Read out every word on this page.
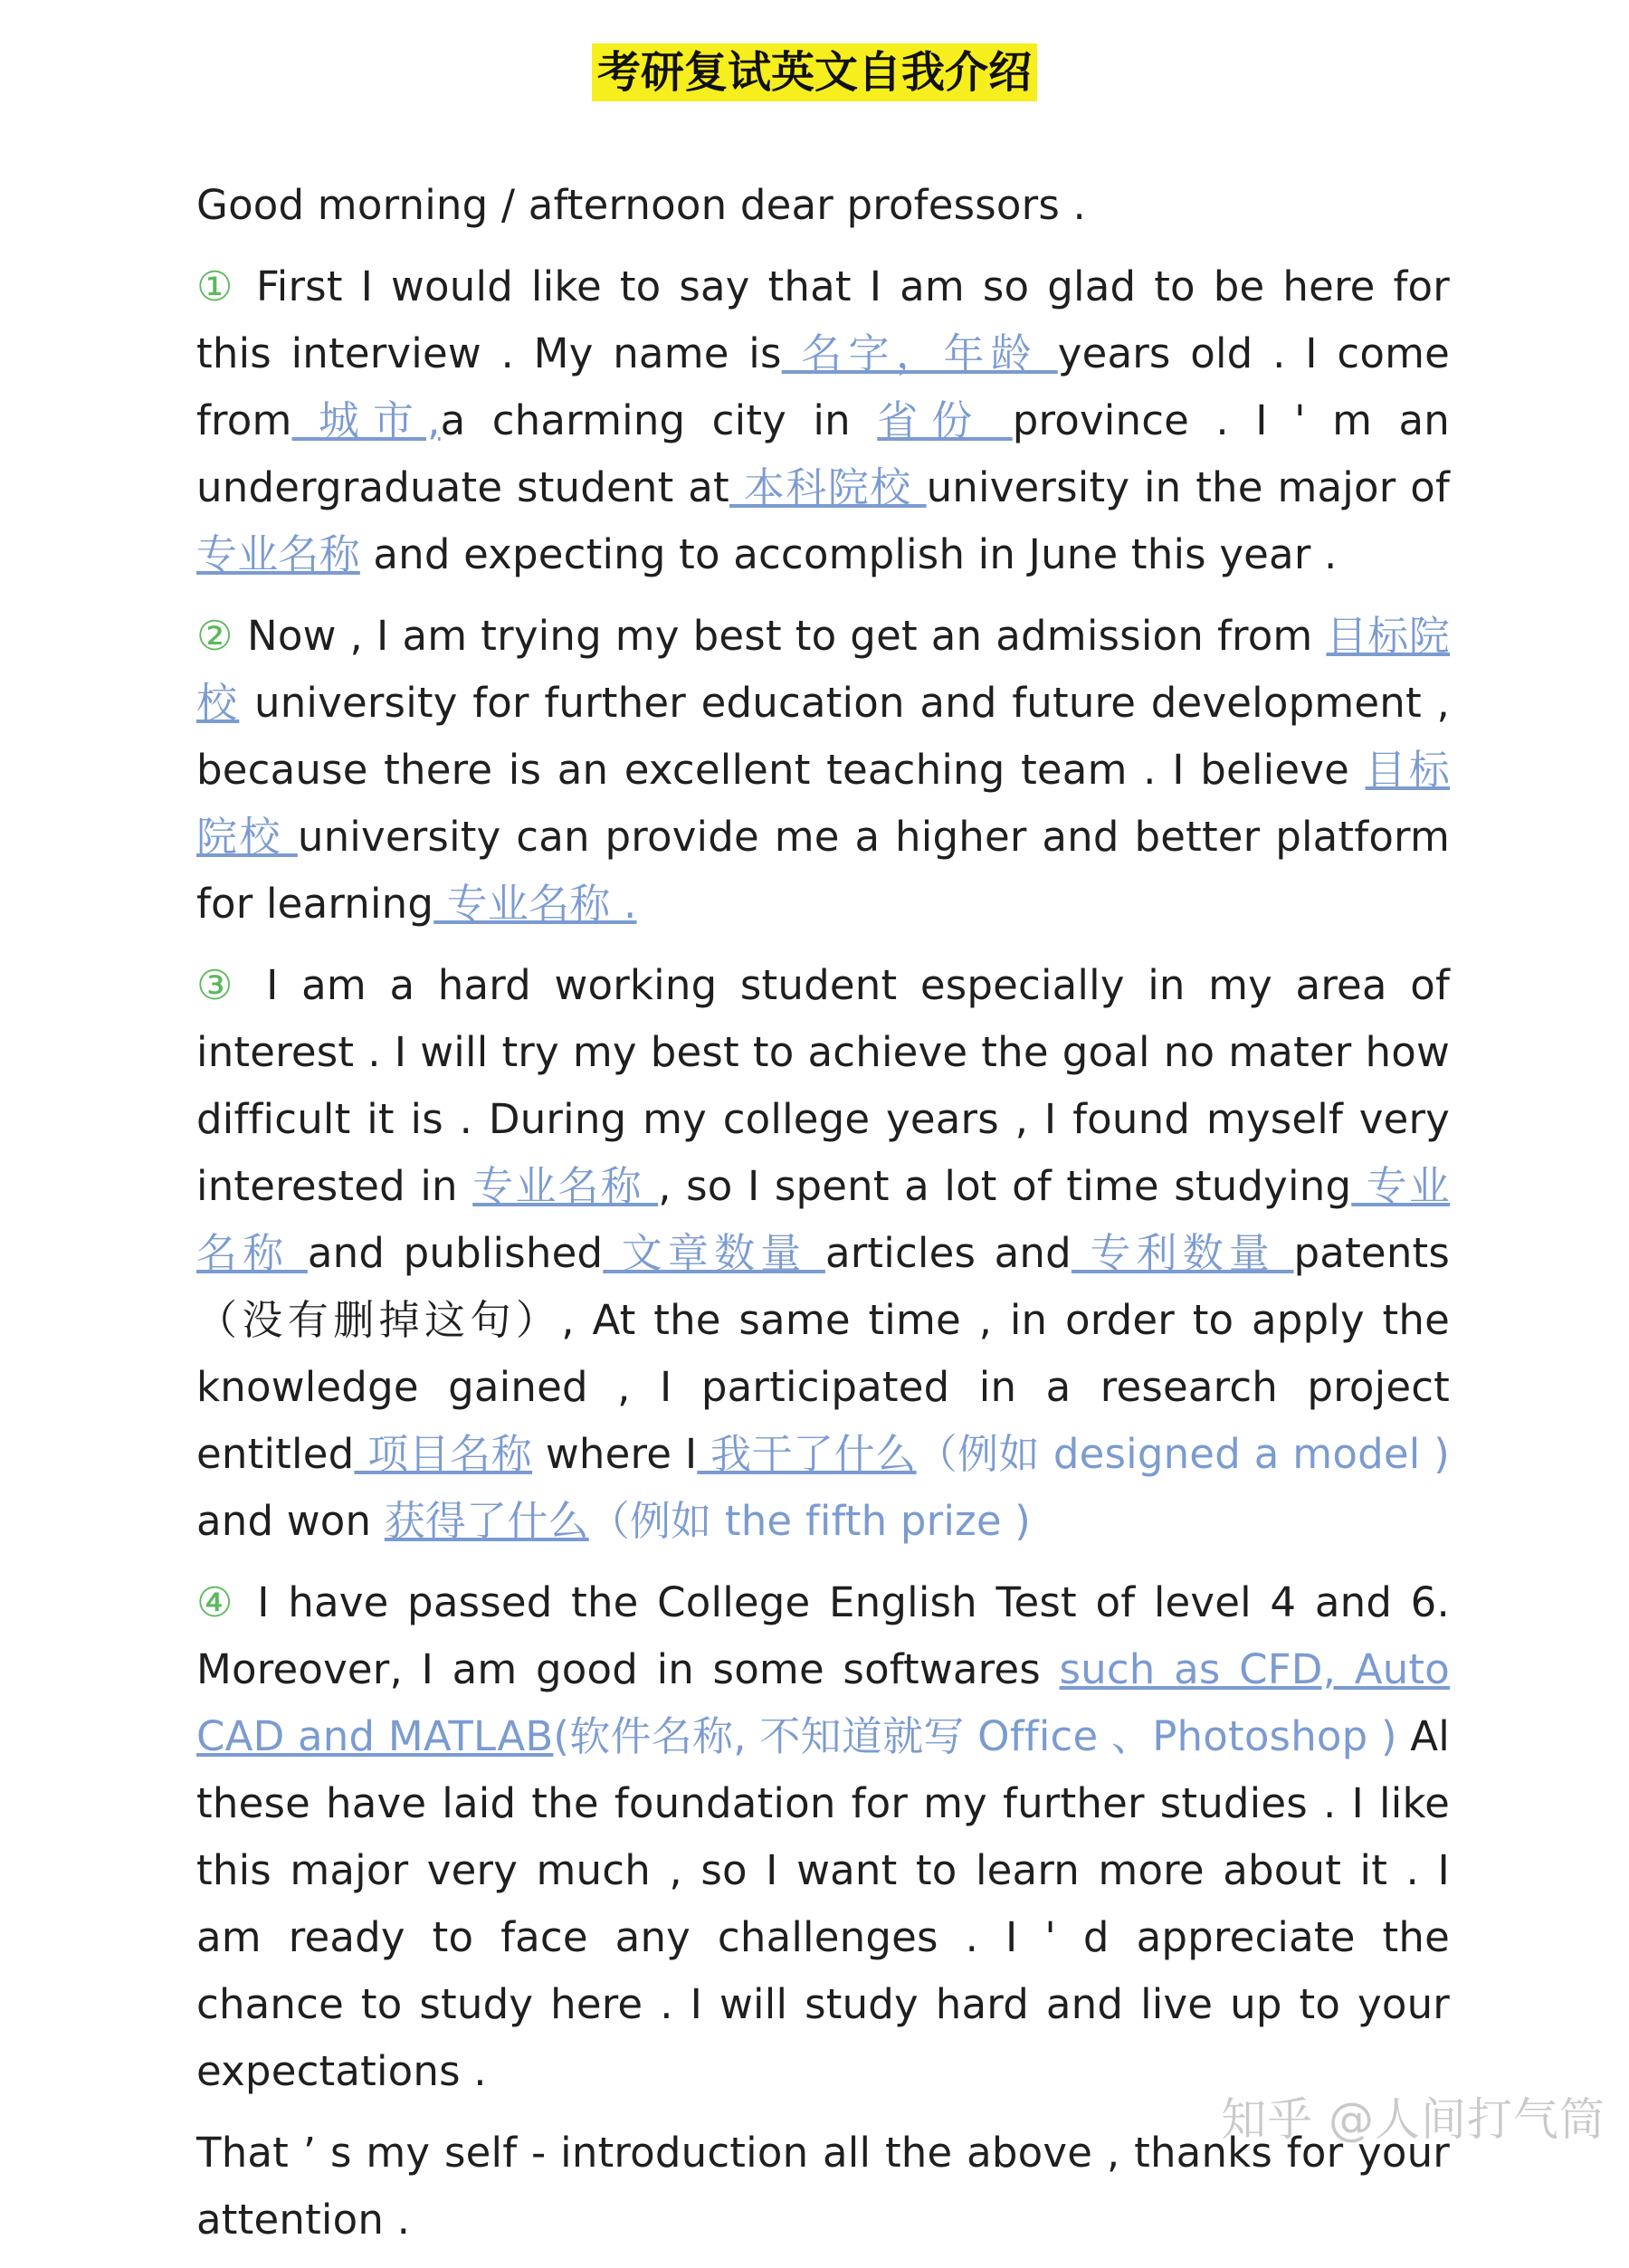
考研复试英文自我介绍

Good morning / afternoon dear professors .

① First I would like to say that I am so glad to be here for this interview . My name is 名字，年龄 years old . I come from 城市,a charming city in 省份 province . I ' m an undergraduate student at 本科院校 university in the major of 专业名称 and expecting to accomplish in June this year .

② Now , I am trying my best to get an admission from 目标院校 university for further education and future development , because there is an excellent teaching team . I believe 目标院校 university can provide me a higher and better platform for learning 专业名称 .

③ I am a hard working student especially in my area of interest . I will try my best to achieve the goal no mater how difficult it is . During my college years , I found myself very interested in 专业名称 , so I spent a lot of time studying 专业名称 and published 文章数量 articles and 专利数量 patents （没有删掉这句）, At the same time , in order to apply the knowledge gained , I participated in a research project entitled 项目名称 where I 我干了什么（例如 designed a model ) and won 获得了什么（例如 the fifth prize )

④ I have passed the College English Test of level 4 and 6. Moreover, I am good in some softwares such as CFD, Auto CAD and MATLAB(软件名称, 不知道就写 Office 、Photoshop ) Al these have laid the foundation for my further studies . I like this major very much , so I want to learn more about it . I am ready to face any challenges . I ' d appreciate the chance to study here . I will study hard and live up to your expectations .

That ’ s my self - introduction all the above , thanks for your attention .

知乎 @人间打气筒
